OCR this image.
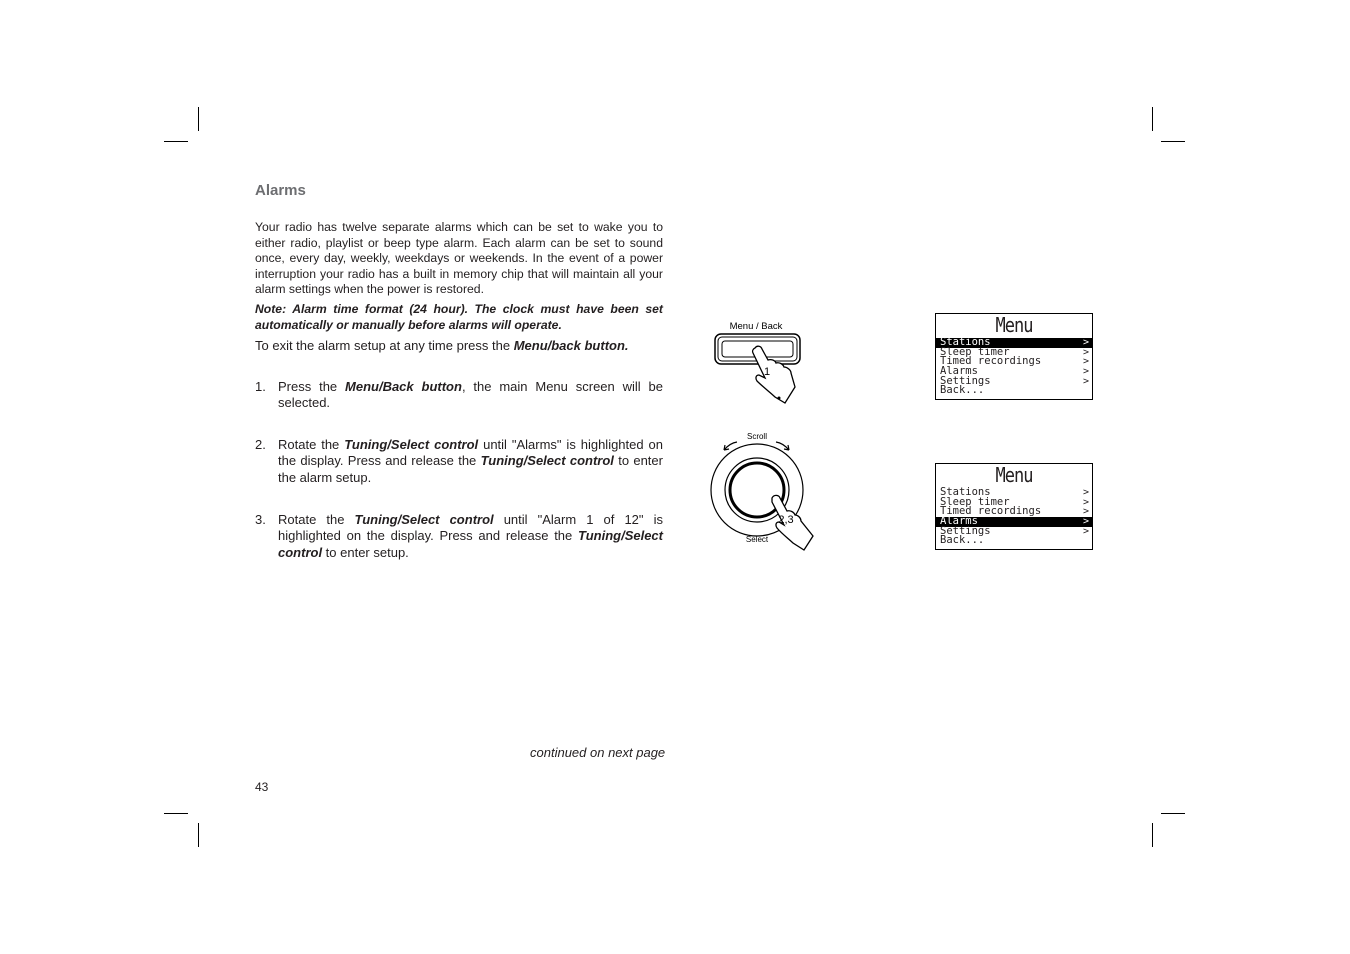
Alarms
Your radio has twelve separate alarms which can be set to wake you to either radio, playlist or beep type alarm. Each alarm can be set to sound once, every day, weekly, weekdays or weekends. In the event of a power interruption your radio has a built in memory chip that will maintain all your alarm settings when the power is restored.
Note: Alarm time format (24 hour). The clock must have been set automatically or manually before alarms will operate.
To exit the alarm setup at any time press the Menu/back button.
1. Press the Menu/Back button, the main Menu screen will be selected.
2. Rotate the Tuning/Select control until "Alarms" is highlighted on the display. Press and release the Tuning/Select control to enter the alarm setup.
3. Rotate the Tuning/Select control until "Alarm 1 of 12" is highlighted on the display. Press and release the Tuning/Select control to enter setup.
continued on next page
43
Menu / Back
1
Scroll
Select
2,3
Menu
Stations	>
Sleep timer	>
Timed recordings	>
Alarms	>
Settings	>
Back...
Menu
Stations	>
Sleep timer	>
Timed recordings	>
Alarms	>
Settings	>
Back...
